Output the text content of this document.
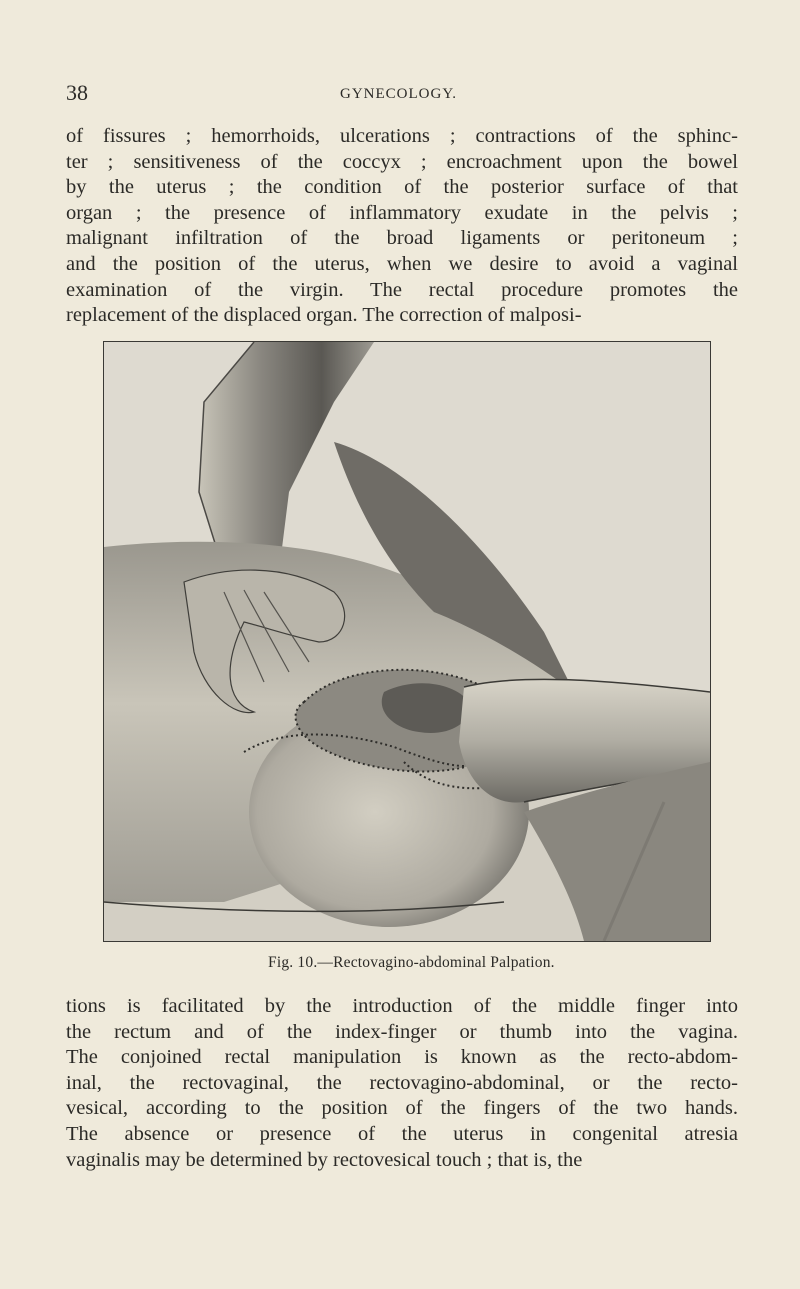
38	GYNECOLOGY.

of fissures ; hemorrhoids, ulcerations ; contractions of the sphinc-
ter ; sensitiveness of the coccyx ; encroachment upon the bowel
by the uterus ; the condition of the posterior surface of that
organ ; the presence of inflammatory exudate in the pelvis ;
malignant infiltration of the broad ligaments or peritoneum ;
and the position of the uterus, when we desire to avoid a vaginal
examination of the virgin. The rectal procedure promotes the
replacement of the displaced organ. The correction of malposi-

Fig. 10.—Rectovagino-abdominal Palpation.

tions is facilitated by the introduction of the middle finger into
the rectum and of the index-finger or thumb into the vagina.
The conjoined rectal manipulation is known as the recto-abdom-
inal, the rectovaginal, the rectovagino-abdominal, or the recto-
vesical, according to the position of the fingers of the two hands.
The absence or presence of the uterus in congenital atresia
vaginalis may be determined by rectovesical touch ; that is, the
